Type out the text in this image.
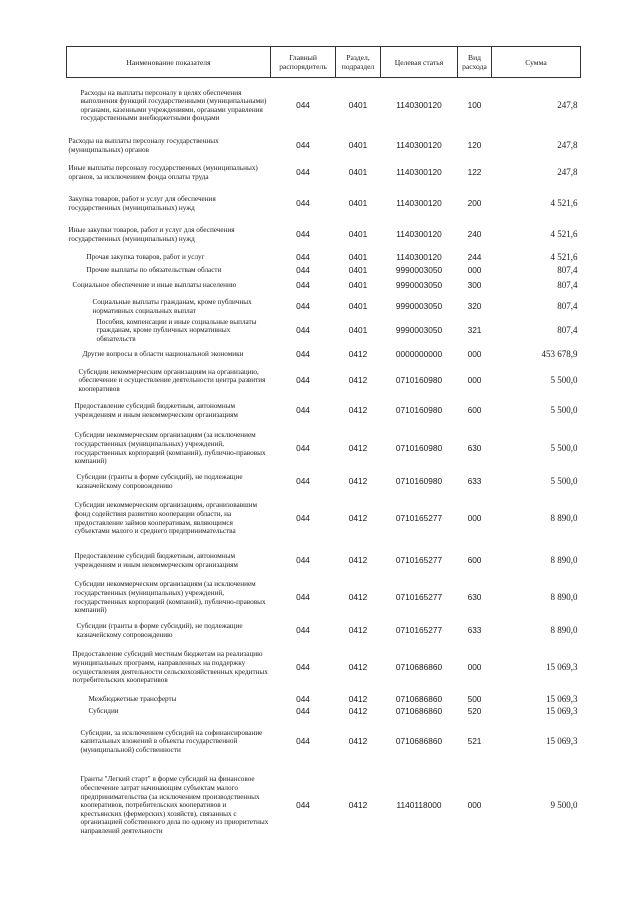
Наименование показателя	Главный распорядитель	Раздел, подраздел	Целевая статья	Вид расхода	Сумма
Расходы на выплаты персоналу в целях обеспечения выполнения функций государственными (муниципальными) органами, казенными учреждениями, органами управления государственными внебюджетными фондами	044	0401	1140300120	100	247,8
Расходы на выплаты персоналу государственных (муниципальных) органов	044	0401	1140300120	120	247,8
Иные выплаты персоналу государственных (муниципальных) органов, за исключением фонда оплаты труда	044	0401	1140300120	122	247,8
Закупка товаров, работ и услуг для обеспечения государственных (муниципальных) нужд	044	0401	1140300120	200	4 521,6
Иные закупки товаров, работ и услуг для обеспечения государственных (муниципальных) нужд	044	0401	1140300120	240	4 521,6
Прочая закупка товаров, работ и услуг	044	0401	1140300120	244	4 521,6
Прочие выплаты по обязательствам области	044	0401	9990003050	000	807,4
Социальное обеспечение и иные выплаты населению	044	0401	9990003050	300	807,4
Социальные выплаты гражданам, кроме публичных нормативных социальных выплат	044	0401	9990003050	320	807,4
Пособия, компенсации и иные социальные выплаты гражданам, кроме публичных нормативных обязательств	044	0401	9990003050	321	807,4
Другие вопросы в области национальной экономики	044	0412	0000000000	000	453 678,9
Субсидии некоммерческим организациям на организацию, обеспечение и осуществление деятельности центра развития кооперативов	044	0412	0710160980	000	5 500,0
Предоставление субсидий бюджетным, автономным учреждениям и иным некоммерческим организациям	044	0412	0710160980	600	5 500,0
Субсидии некоммерческим организациям (за исключением государственных (муниципальных) учреждений, государственных корпораций (компаний), публично-правовых компаний)	044	0412	0710160980	630	5 500,0
Субсидии (гранты в форме субсидий), не подлежащие казначейскому сопровождению	044	0412	0710160980	633	5 500,0
Субсидии некоммерческим организациям, организовавшим фонд содействия развитию кооперации области, на предоставление займов кооперативам, являющимся субъектами малого и среднего предпринимательства	044	0412	0710165277	000	8 890,0
Предоставление субсидий бюджетным, автономным учреждениям и иным некоммерческим организациям	044	0412	0710165277	600	8 890,0
Субсидии некоммерческим организациям (за исключением государственных (муниципальных) учреждений, государственных корпораций (компаний), публично-правовых компаний)	044	0412	0710165277	630	8 890,0
Субсидии (гранты в форме субсидий), не подлежащие казначейскому сопровождению	044	0412	0710165277	633	8 890,0
Предоставление субсидий местным бюджетам на реализацию муниципальных программ, направленных на поддержку осуществления деятельности сельскохозяйственных кредитных потребительских кооперативов	044	0412	0710686860	000	15 069,3
Межбюджетные трансферты	044	0412	0710686860	500	15 069,3
Субсидии	044	0412	0710686860	520	15 069,3
Субсидии, за исключением субсидий на софинансирование капитальных вложений в объекты государственной (муниципальной) собственности	044	0412	0710686860	521	15 069,3
Гранты "Легкий старт" в форме субсидий на финансовое обеспечение затрат начинающим субъектам малого предпринимательства (за исключением производственных кооперативов, потребительских кооперативов и крестьянских (фермерских) хозяйств), связанных с организацией собственного дела по одному из приоритетных направлений деятельности	044	0412	1140118000	000	9 500,0
